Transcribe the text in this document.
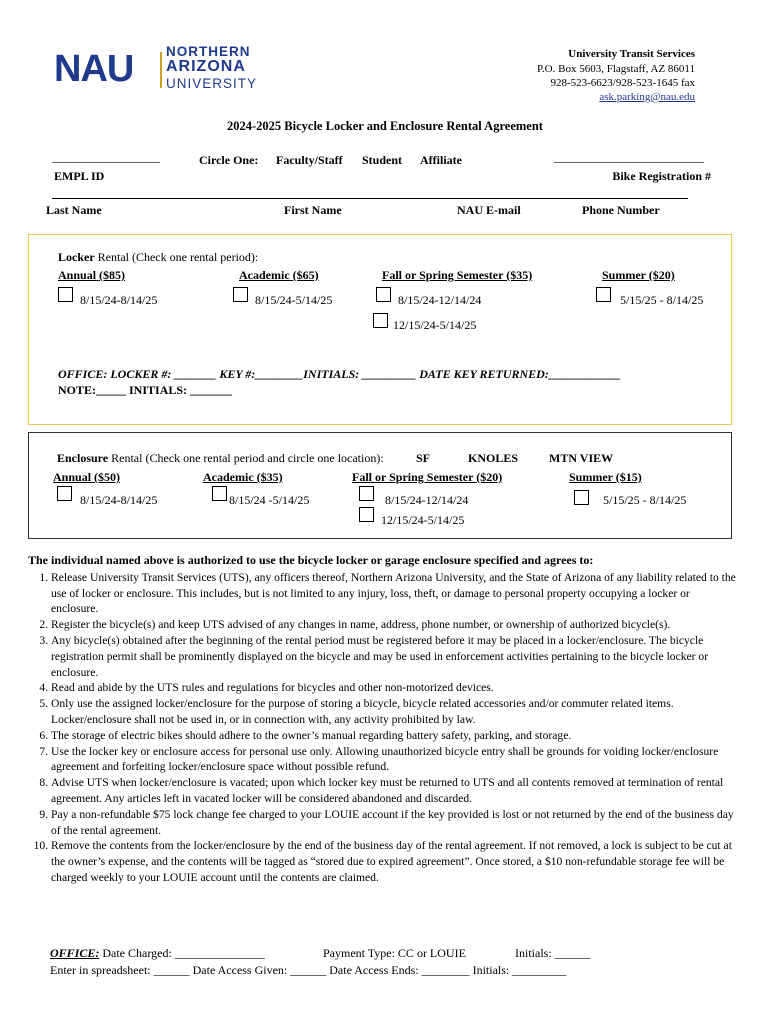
NAU NORTHERN
ARIZONA
UNIVERSITY
University Transit Services
P.O. Box 5603, Flagstaff, AZ 86011
928-523-6623/928-523-1645 fax
ask.parking@nau.edu
2024-2025 Bicycle Locker and Enclosure Rental Agreement
__________________	Circle One: Faculty/Staff Student Affiliate	_________________________
EMPL ID	Bike Registration #
Last Name	First Name	NAU E-mail	Phone Number
Locker Rental (Check one rental period):
Annual ($85)	Academic ($65)	Fall or Spring Semester ($35)	Summer ($20)
8/15/24-8/14/25	8/15/24-5/14/25	8/15/24-12/14/24	5/15/25 - 8/14/25
12/15/24-5/14/25
OFFICE: LOCKER #: _______ KEY #:________INITIALS: _________ DATE KEY RETURNED:____________
NOTE:_____ INITIALS: _______
Enclosure Rental (Check one rental period and circle one location):	SF	KNOLES	MTN VIEW
Annual ($50)	Academic ($35)	Fall or Spring Semester ($20)	Summer ($15)
8/15/24-8/14/25	8/15/24 -5/14/25	8/15/24-12/14/24	5/15/25 - 8/14/25
12/15/24-5/14/25
The individual named above is authorized to use the bicycle locker or garage enclosure specified and agrees to:
1. Release University Transit Services (UTS), any officers thereof, Northern Arizona University, and the State of Arizona of any liability related to the use of locker or enclosure. This includes, but is not limited to any injury, loss, theft, or damage to personal property occupying a locker or enclosure.
2. Register the bicycle(s) and keep UTS advised of any changes in name, address, phone number, or ownership of authorized bicycle(s).
3. Any bicycle(s) obtained after the beginning of the rental period must be registered before it may be placed in a locker/enclosure. The bicycle registration permit shall be prominently displayed on the bicycle and may be used in enforcement activities pertaining to the bicycle locker or enclosure.
4. Read and abide by the UTS rules and regulations for bicycles and other non-motorized devices.
5. Only use the assigned locker/enclosure for the purpose of storing a bicycle, bicycle related accessories and/or commuter related items. Locker/enclosure shall not be used in, or in connection with, any activity prohibited by law.
6. The storage of electric bikes should adhere to the owner’s manual regarding battery safety, parking, and storage.
7. Use the locker key or enclosure access for personal use only. Allowing unauthorized bicycle entry shall be grounds for voiding locker/enclosure agreement and forfeiting locker/enclosure space without possible refund.
8. Advise UTS when locker/enclosure is vacated; upon which locker key must be returned to UTS and all contents removed at termination of rental agreement. Any articles left in vacated locker will be considered abandoned and discarded.
9. Pay a non-refundable $75 lock change fee charged to your LOUIE account if the key provided is lost or not returned by the end of the business day of the rental agreement.
10. Remove the contents from the locker/enclosure by the end of the business day of the rental agreement. If not removed, a lock is subject to be cut at the owner’s expense, and the contents will be tagged as “stored due to expired agreement”. Once stored, a $10 non-refundable storage fee will be charged weekly to your LOUIE account until the contents are claimed.
OFFICE: Date Charged: _______________	Payment Type: CC or LOUIE	Initials: ______
Enter in spreadsheet: ______ Date Access Given: ______ Date Access Ends: ________ Initials: _________
